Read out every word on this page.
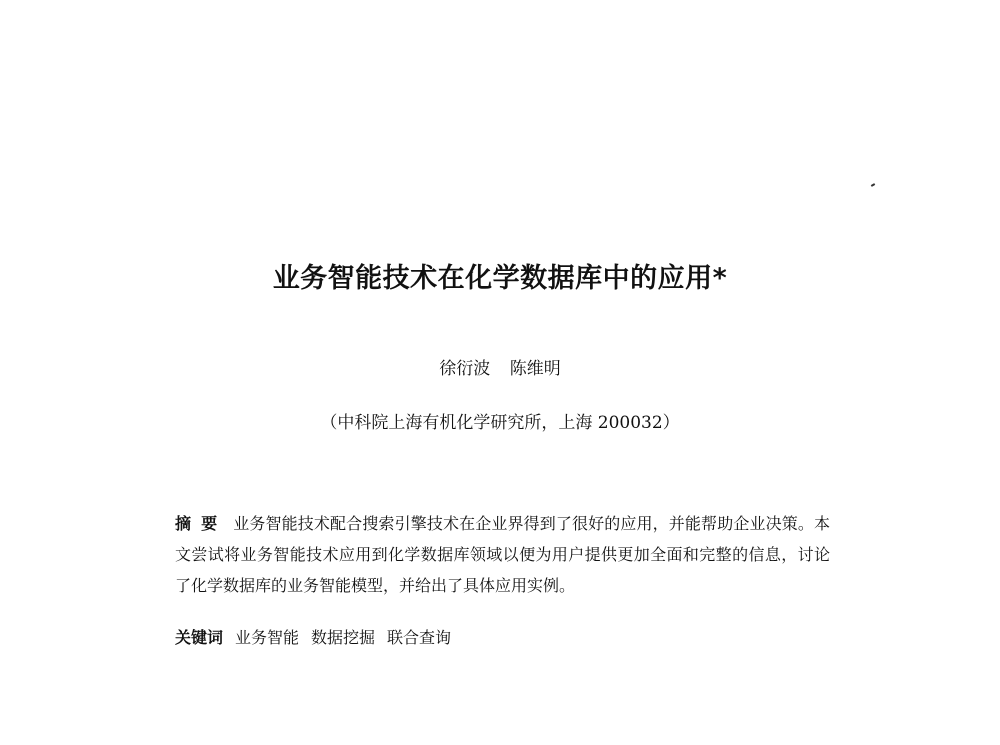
业务智能技术在化学数据库中的应用*
徐衍波 陈维明
（中科院上海有机化学研究所，上海 200032）
摘要 业务智能技术配合搜索引擎技术在企业界得到了很好的应用，并能帮助企业决策。本文尝试将业务智能技术应用到化学数据库领域以便为用户提供更加全面和完整的信息，讨论了化学数据库的业务智能模型，并给出了具体应用实例。
关键词 业务智能 数据挖掘 联合查询
